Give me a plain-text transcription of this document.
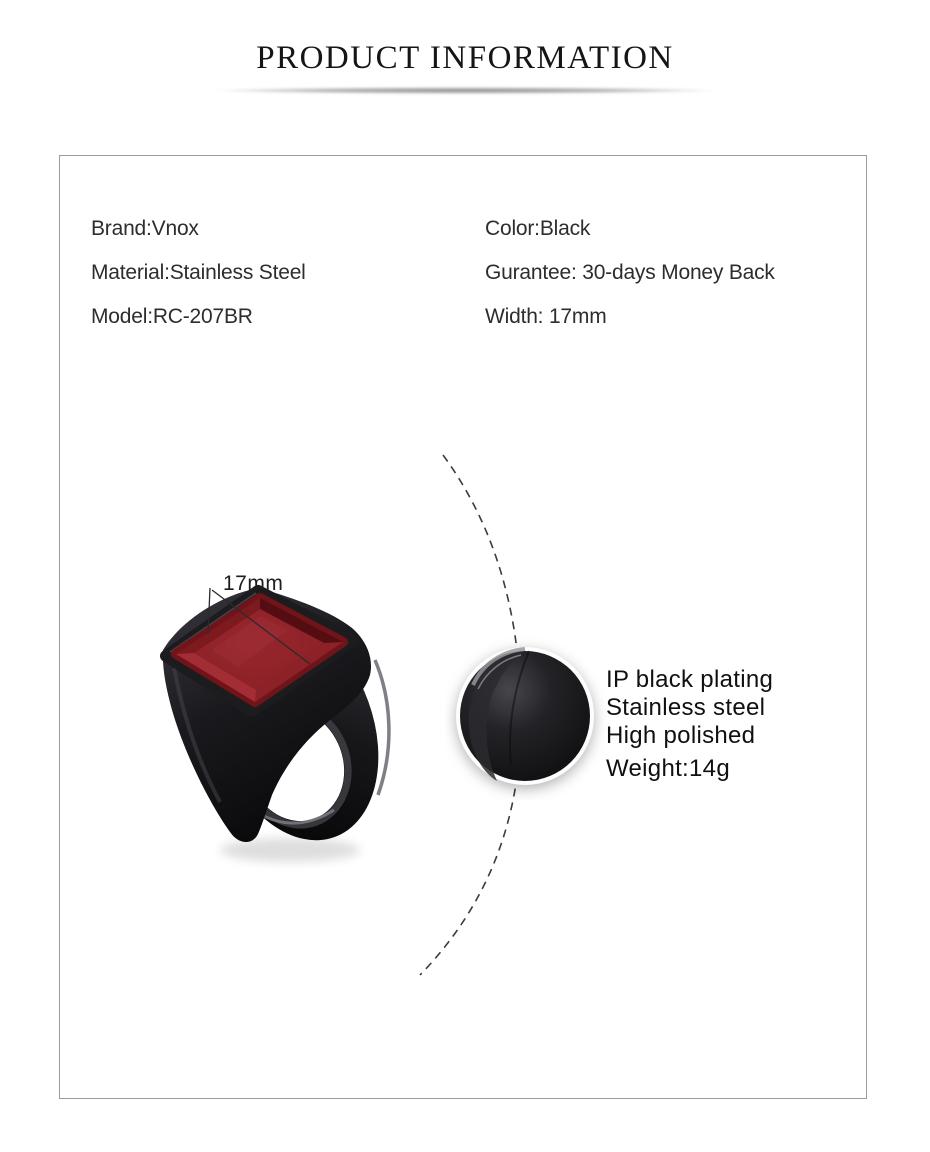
PRODUCT INFORMATION
Brand:Vnox	Color:Black
Material:Stainless Steel	Gurantee: 30-days Money Back
Model:RC-207BR	Width: 17mm
17mm
IP black plating
Stainless steel
High polished
Weight:14g
